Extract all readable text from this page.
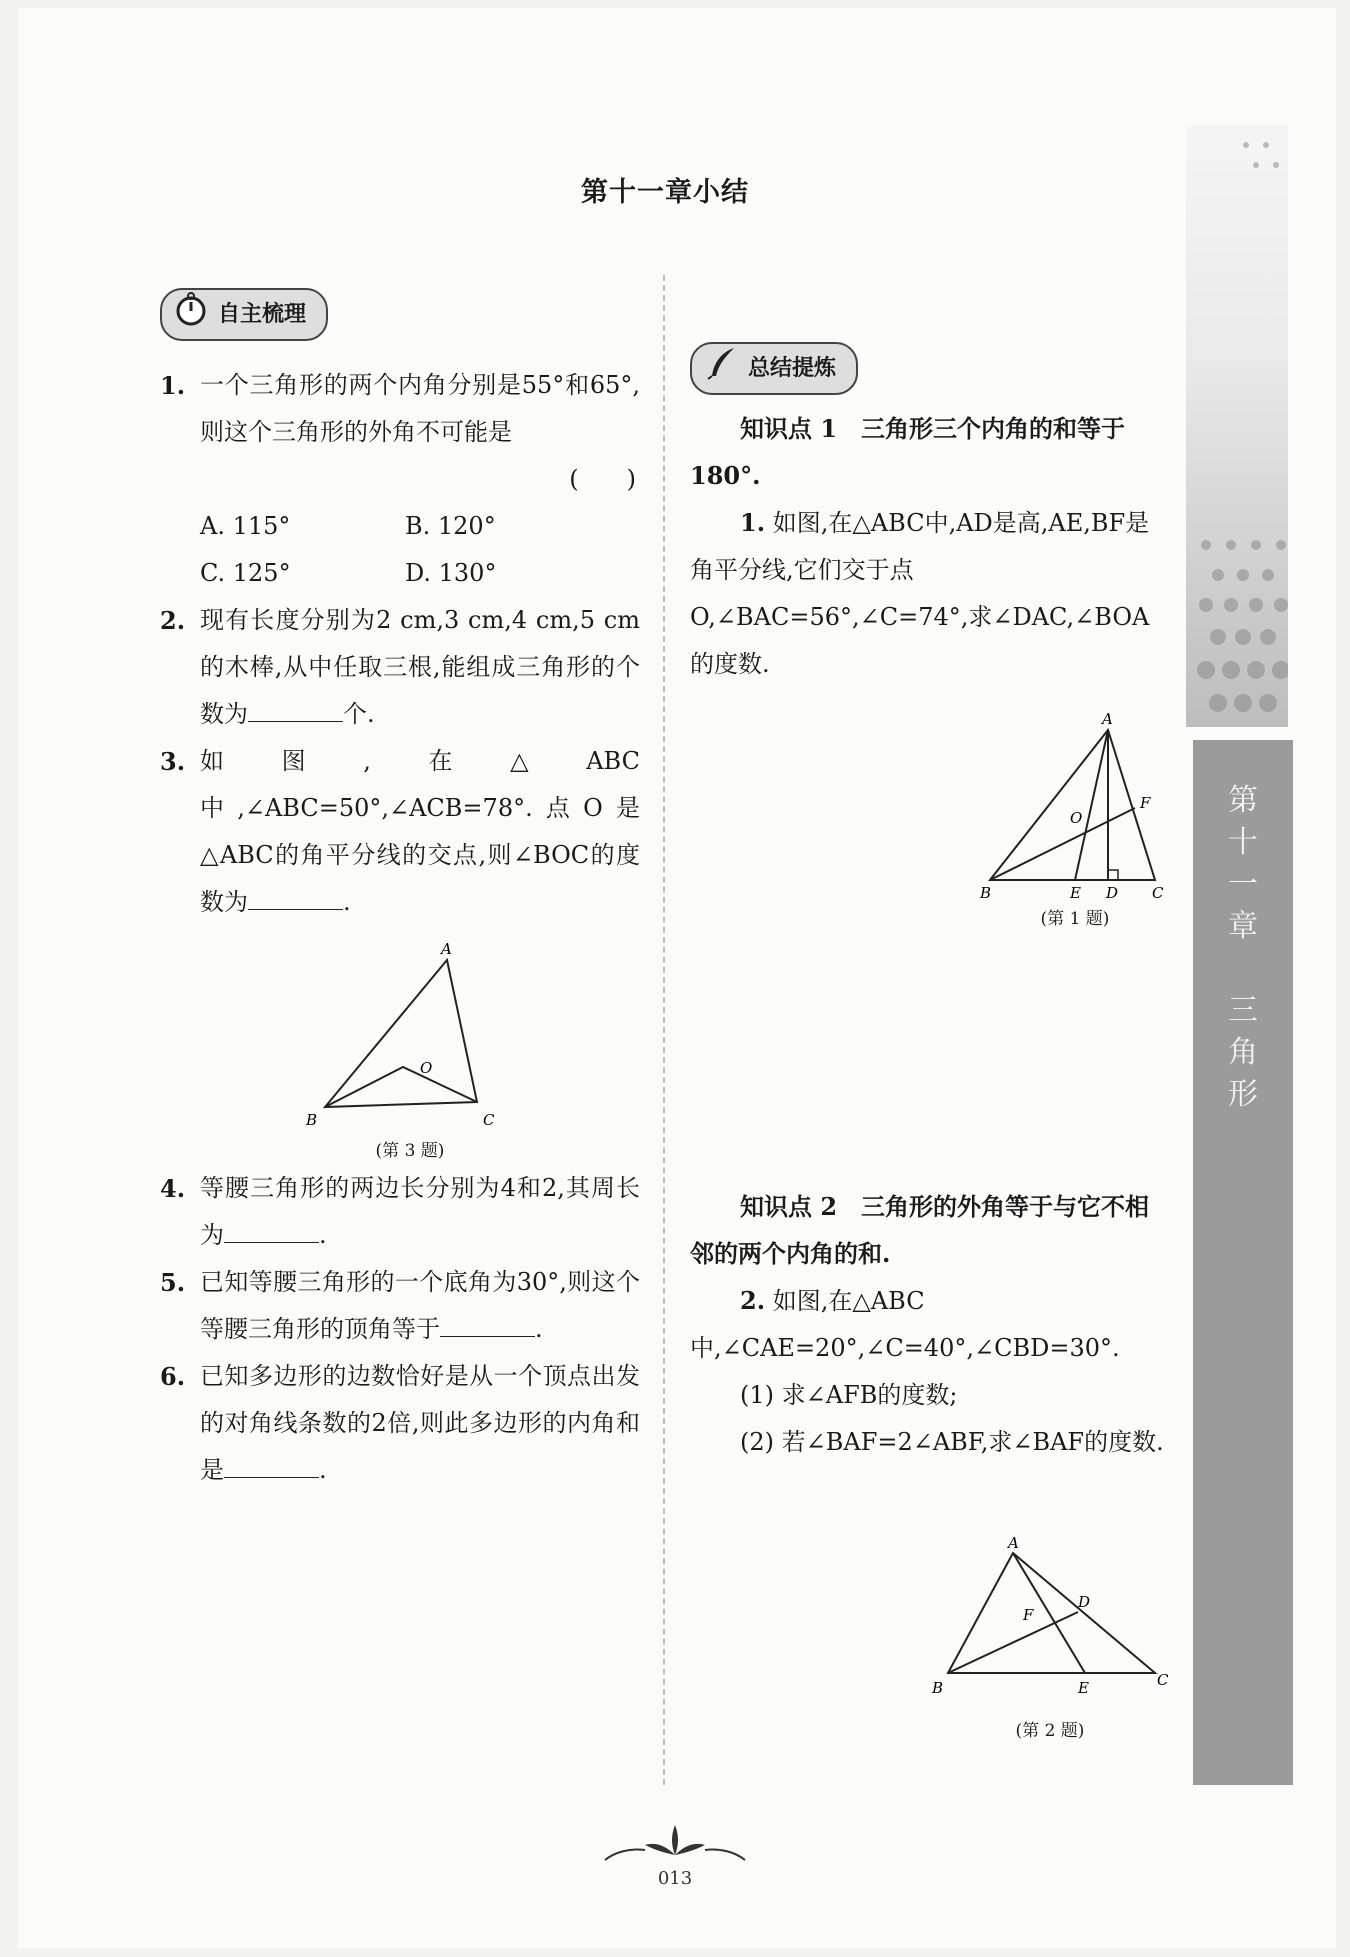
第十一章小结
自主梳理
1. 一个三角形的两个内角分别是55°和65°,则这个三角形的外角不可能是
(　　)
A. 115°	B. 120°
C. 125°	D. 130°
2. 现有长度分别为2 cm,3 cm,4 cm,5 cm的木棒,从中任取三根,能组成三角形的个数为	个.
3. 如图,在△ABC中,∠ABC=50°,∠ACB=78°.点O是△ABC的角平分线的交点,则∠BOC的度数为	.
A
B	C
O
(第 3 题)
4. 等腰三角形的两边长分别为4和2,其周长为	.
5. 已知等腰三角形的一个底角为30°,则这个等腰三角形的顶角等于	.
6. 已知多边形的边数恰好是从一个顶点出发的对角线条数的2倍,则此多边形的内角和是	.
总结提炼
知识点 1　三角形三个内角的和等于180°.
1. 如图,在△ABC中,AD是高,AE,BF是角平分线,它们交于点O,∠BAC=56°,∠C=74°,求∠DAC,∠BOA的度数.
A
B	C
D
E
F
O
(第 1 题)
知识点 2　三角形的外角等于与它不相邻的两个内角的和.
2. 如图,在△ABC中,∠CAE=20°,∠C=40°,∠CBD=30°.
(1) 求∠AFB的度数;
(2) 若∠BAF=2∠ABF,求∠BAF的度数.
A
B	C
D
E
F
(第 2 题)
第
十
一
章

三
角
形
013
